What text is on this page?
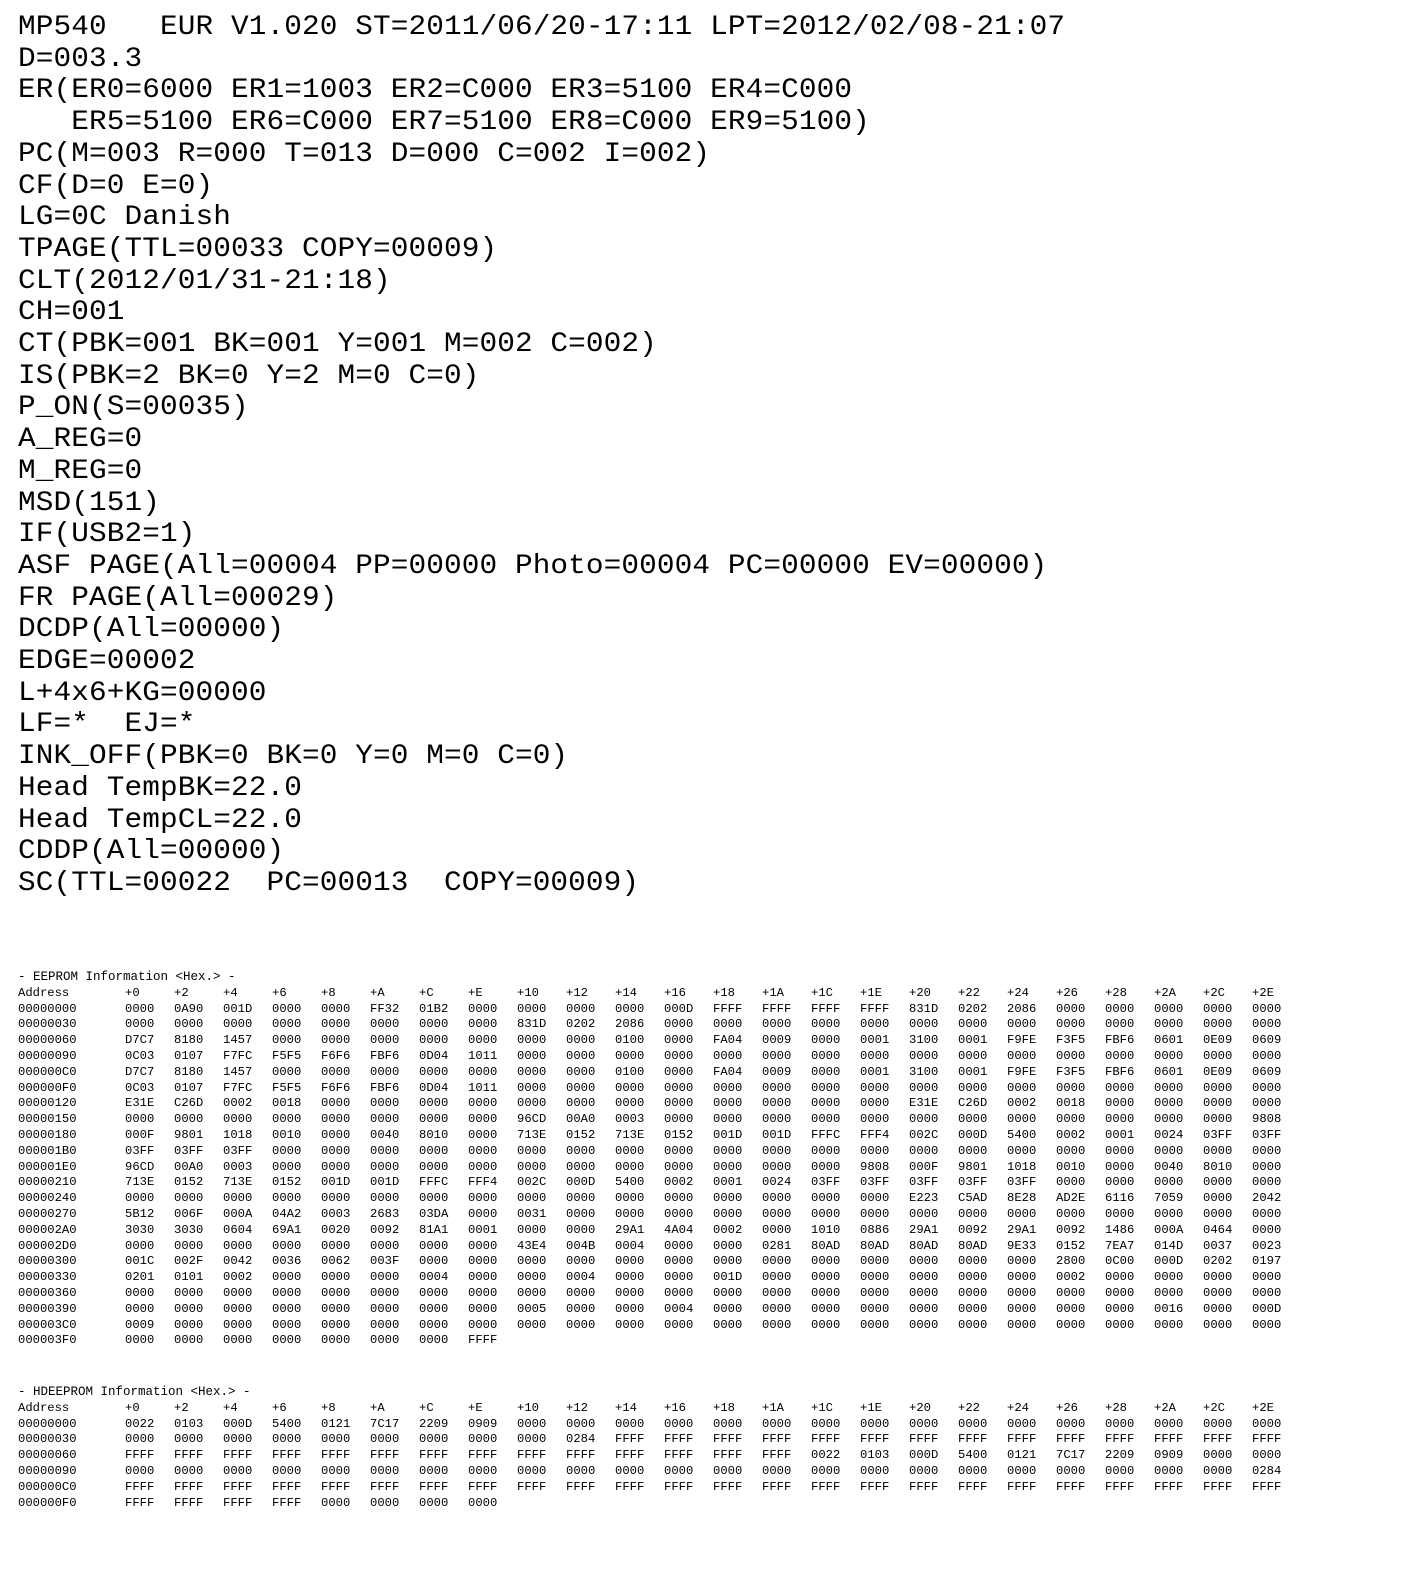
MP540   EUR V1.020 ST=2011/06/20-17:11 LPT=2012/02/08-21:07
D=003.3
ER(ER0=6000 ER1=1003 ER2=C000 ER3=5100 ER4=C000
ER5=5100 ER6=C000 ER7=5100 ER8=C000 ER9=5100)
PC(M=003 R=000 T=013 D=000 C=002 I=002)
CF(D=0 E=0)
LG=0C Danish
TPAGE(TTL=00033 COPY=00009)
CLT(2012/01/31-21:18)
CH=001
CT(PBK=001 BK=001 Y=001 M=002 C=002)
IS(PBK=2 BK=0 Y=2 M=0 C=0)
P_ON(S=00035)
A_REG=0
M_REG=0
MSD(151)
IF(USB2=1)
ASF PAGE(All=00004 PP=00000 Photo=00004 PC=00000 EV=00000)
FR PAGE(All=00029)
DCDP(All=00000)
EDGE=00002
L+4x6+KG=00000
LF=*  EJ=*
INK_OFF(PBK=0 BK=0 Y=0 M=0 C=0)
Head TempBK=22.0
Head TempCL=22.0
CDDP(All=00000)
SC(TTL=00022  PC=00013  COPY=00009)
- EEPROM Information <Hex.> -
Address	+0	+2	+4	+6	+8	+A	+C	+E	+10	+12	+14	+16	+18	+1A	+1C	+1E	+20	+22	+24	+26	+28	+2A	+2C	+2E
00000000	0000	0A90	001D	0000	0000	FF32	01B2	0000	0000	0000	0000	000D	FFFF	FFFF	FFFF	FFFF	831D	0202	2086	0000	0000	0000	0000	0000
00000030	0000	0000	0000	0000	0000	0000	0000	0000	831D	0202	2086	0000	0000	0000	0000	0000	0000	0000	0000	0000	0000	0000	0000	0000
00000060	D7C7	8180	1457	0000	0000	0000	0000	0000	0000	0000	0100	0000	FA04	0009	0000	0001	3100	0001	F9FE	F3F5	FBF6	0601	0E09	0609
00000090	0C03	0107	F7FC	F5F5	F6F6	FBF6	0D04	1011	0000	0000	0000	0000	0000	0000	0000	0000	0000	0000	0000	0000	0000	0000	0000	0000
000000C0	D7C7	8180	1457	0000	0000	0000	0000	0000	0000	0000	0100	0000	FA04	0009	0000	0001	3100	0001	F9FE	F3F5	FBF6	0601	0E09	0609
000000F0	0C03	0107	F7FC	F5F5	F6F6	FBF6	0D04	1011	0000	0000	0000	0000	0000	0000	0000	0000	0000	0000	0000	0000	0000	0000	0000	0000
00000120	E31E	C26D	0002	0018	0000	0000	0000	0000	0000	0000	0000	0000	0000	0000	0000	0000	E31E	C26D	0002	0018	0000	0000	0000	0000
00000150	0000	0000	0000	0000	0000	0000	0000	0000	96CD	00A0	0003	0000	0000	0000	0000	0000	0000	0000	0000	0000	0000	0000	0000	9808
00000180	000F	9801	1018	0010	0000	0040	8010	0000	713E	0152	713E	0152	001D	001D	FFFC	FFF4	002C	000D	5400	0002	0001	0024	03FF	03FF
000001B0	03FF	03FF	03FF	0000	0000	0000	0000	0000	0000	0000	0000	0000	0000	0000	0000	0000	0000	0000	0000	0000	0000	0000	0000	0000
000001E0	96CD	00A0	0003	0000	0000	0000	0000	0000	0000	0000	0000	0000	0000	0000	0000	9808	000F	9801	1018	0010	0000	0040	8010	0000
00000210	713E	0152	713E	0152	001D	001D	FFFC	FFF4	002C	000D	5400	0002	0001	0024	03FF	03FF	03FF	03FF	03FF	0000	0000	0000	0000	0000
00000240	0000	0000	0000	0000	0000	0000	0000	0000	0000	0000	0000	0000	0000	0000	0000	0000	E223	C5AD	8E28	AD2E	6116	7059	0000	2042
00000270	5B12	006F	000A	04A2	0003	2683	03DA	0000	0031	0000	0000	0000	0000	0000	0000	0000	0000	0000	0000	0000	0000	0000	0000	0000
000002A0	3030	3030	0604	69A1	0020	0092	81A1	0001	0000	0000	29A1	4A04	0002	0000	1010	0886	29A1	0092	29A1	0092	1486	000A	0464	0000
000002D0	0000	0000	0000	0000	0000	0000	0000	0000	43E4	004B	0004	0000	0000	0281	80AD	80AD	80AD	80AD	9E33	0152	7EA7	014D	0037	0023
00000300	001C	002F	0042	0036	0062	003F	0000	0000	0000	0000	0000	0000	0000	0000	0000	0000	0000	0000	0000	2800	0C00	000D	0202	0197
00000330	0201	0101	0002	0000	0000	0000	0004	0000	0000	0004	0000	0000	001D	0000	0000	0000	0000	0000	0000	0002	0000	0000	0000	0000
00000360	0000	0000	0000	0000	0000	0000	0000	0000	0000	0000	0000	0000	0000	0000	0000	0000	0000	0000	0000	0000	0000	0000	0000	0000
00000390	0000	0000	0000	0000	0000	0000	0000	0000	0005	0000	0000	0004	0000	0000	0000	0000	0000	0000	0000	0000	0000	0016	0000	000D
000003C0	0009	0000	0000	0000	0000	0000	0000	0000	0000	0000	0000	0000	0000	0000	0000	0000	0000	0000	0000	0000	0000	0000	0000	0000
000003F0	0000	0000	0000	0000	0000	0000	0000	FFFF																
- HDEEPROM Information <Hex.> -
Address	+0	+2	+4	+6	+8	+A	+C	+E	+10	+12	+14	+16	+18	+1A	+1C	+1E	+20	+22	+24	+26	+28	+2A	+2C	+2E
00000000	0022	0103	000D	5400	0121	7C17	2209	0909	0000	0000	0000	0000	0000	0000	0000	0000	0000	0000	0000	0000	0000	0000	0000	0000
00000030	0000	0000	0000	0000	0000	0000	0000	0000	0000	0284	FFFF	FFFF	FFFF	FFFF	FFFF	FFFF	FFFF	FFFF	FFFF	FFFF	FFFF	FFFF	FFFF	FFFF
00000060	FFFF	FFFF	FFFF	FFFF	FFFF	FFFF	FFFF	FFFF	FFFF	FFFF	FFFF	FFFF	FFFF	FFFF	0022	0103	000D	5400	0121	7C17	2209	0909	0000	0000
00000090	0000	0000	0000	0000	0000	0000	0000	0000	0000	0000	0000	0000	0000	0000	0000	0000	0000	0000	0000	0000	0000	0000	0000	0284
000000C0	FFFF	FFFF	FFFF	FFFF	FFFF	FFFF	FFFF	FFFF	FFFF	FFFF	FFFF	FFFF	FFFF	FFFF	FFFF	FFFF	FFFF	FFFF	FFFF	FFFF	FFFF	FFFF	FFFF	FFFF
000000F0	FFFF	FFFF	FFFF	FFFF	0000	0000	0000	0000																
